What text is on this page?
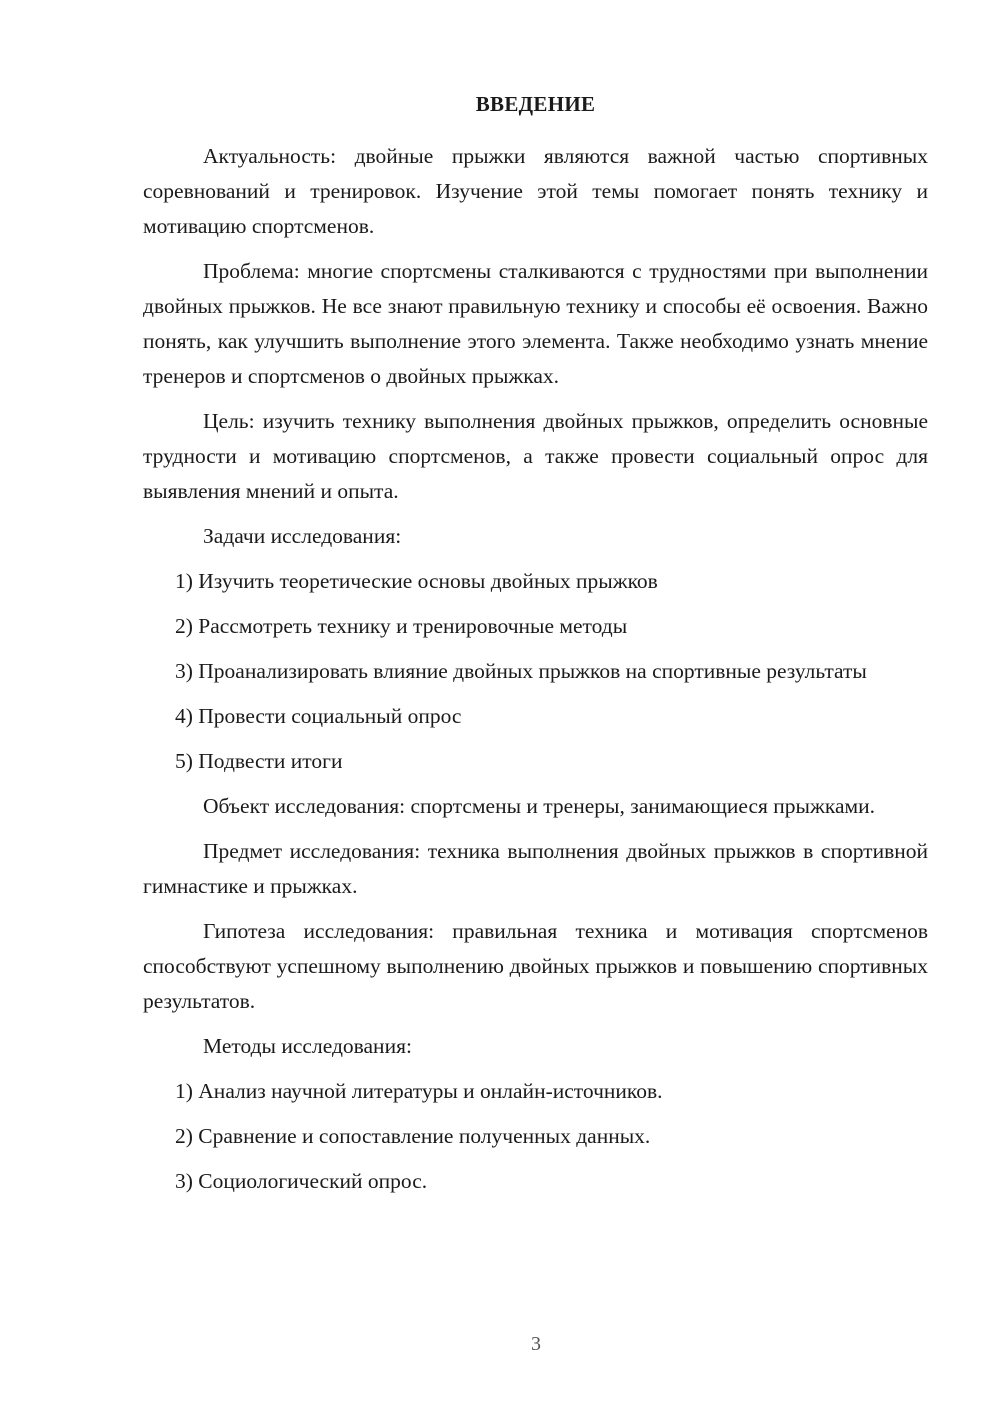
ВВЕДЕНИЕ

Актуальность: двойные прыжки являются важной частью спортивных соревнований и тренировок. Изучение этой темы помогает понять технику и мотивацию спортсменов.

Проблема: многие спортсмены сталкиваются с трудностями при выполнении двойных прыжков. Не все знают правильную технику и способы её освоения. Важно понять, как улучшить выполнение этого элемента. Также необходимо узнать мнение тренеров и спортсменов о двойных прыжках.

Цель: изучить технику выполнения двойных прыжков, определить основные трудности и мотивацию спортсменов, а также провести социальный опрос для выявления мнений и опыта.

Задачи исследования:

1) Изучить теоретические основы двойных прыжков

2) Рассмотреть технику и тренировочные методы

3) Проанализировать влияние двойных прыжков на спортивные результаты

4) Провести социальный опрос

5) Подвести итоги

Объект исследования: спортсмены и тренеры, занимающиеся прыжками.

Предмет исследования: техника выполнения двойных прыжков в спортивной гимнастике и прыжках.

Гипотеза исследования: правильная техника и мотивация спортсменов способствуют успешному выполнению двойных прыжков и повышению спортивных результатов.

Методы исследования:

1) Анализ научной литературы и онлайн-источников.

2) Сравнение и сопоставление полученных данных.

3) Социологический опрос.

3
